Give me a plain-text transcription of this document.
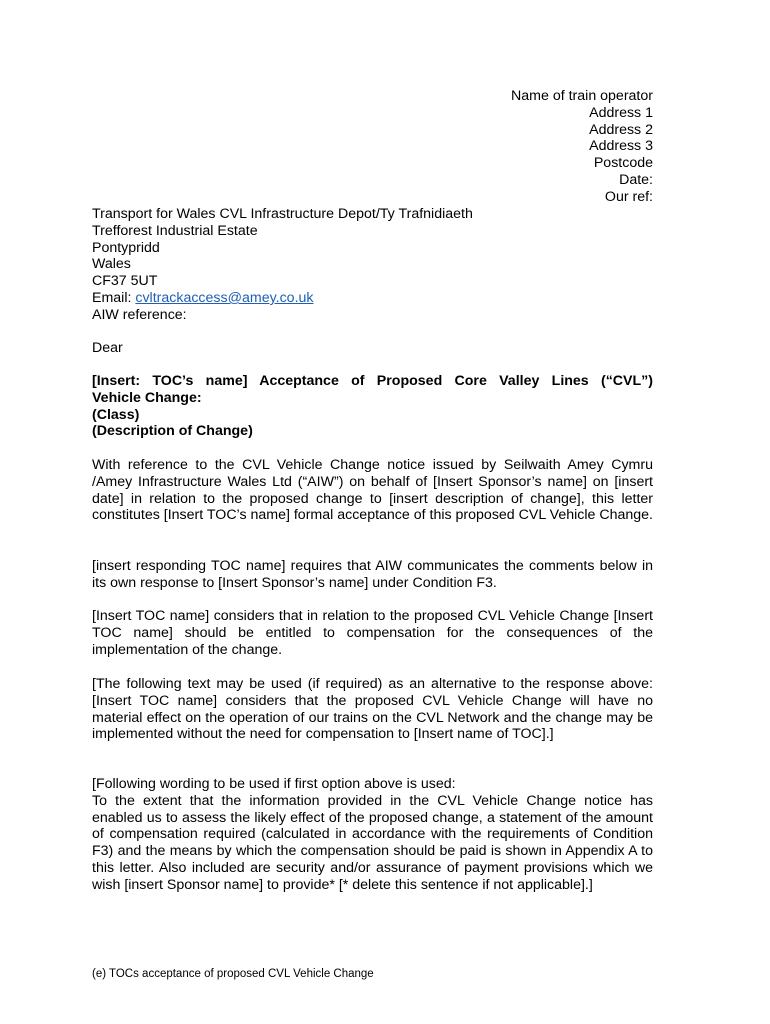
Name of train operator
Address 1
Address 2
Address 3
Postcode
Date:
Our ref:
Transport for Wales CVL Infrastructure Depot/Ty Trafnidiaeth
Trefforest Industrial Estate
Pontypridd
Wales
CF37 5UT
Email: cvltrackaccess@amey.co.uk
AIW reference:
Dear
[Insert: TOC’s name] Acceptance of Proposed Core Valley Lines (“CVL”)
Vehicle Change:
(Class)
(Description of Change)
With reference to the CVL Vehicle Change notice issued by Seilwaith Amey Cymru /Amey Infrastructure Wales Ltd (“AIW”) on behalf of [Insert Sponsor’s name] on [insert date] in relation to the proposed change to [insert description of change], this letter constitutes [Insert TOC’s name] formal acceptance of this proposed CVL Vehicle Change.
[insert responding TOC name] requires that AIW communicates the comments below in its own response to [Insert Sponsor’s name] under Condition F3.
[Insert TOC name] considers that in relation to the proposed CVL Vehicle Change [Insert TOC name] should be entitled to compensation for the consequences of the implementation of the change.
[The following text may be used (if required) as an alternative to the response above:[Insert TOC name] considers that the proposed CVL Vehicle Change will have no material effect on the operation of our trains on the CVL Network and the change may be implemented without the need for compensation to [Insert name of TOC].]
[Following wording to be used if first option above is used:
To the extent that the information provided in the CVL Vehicle Change notice has enabled us to assess the likely effect of the proposed change, a statement of the amount of compensation required (calculated in accordance with the requirements of Condition F3) and the means by which the compensation should be paid is shown in Appendix A to this letter. Also included are security and/or assurance of payment provisions which we wish [insert Sponsor name] to provide* [* delete this sentence if not applicable].]
(e) TOCs acceptance of proposed CVL Vehicle Change
